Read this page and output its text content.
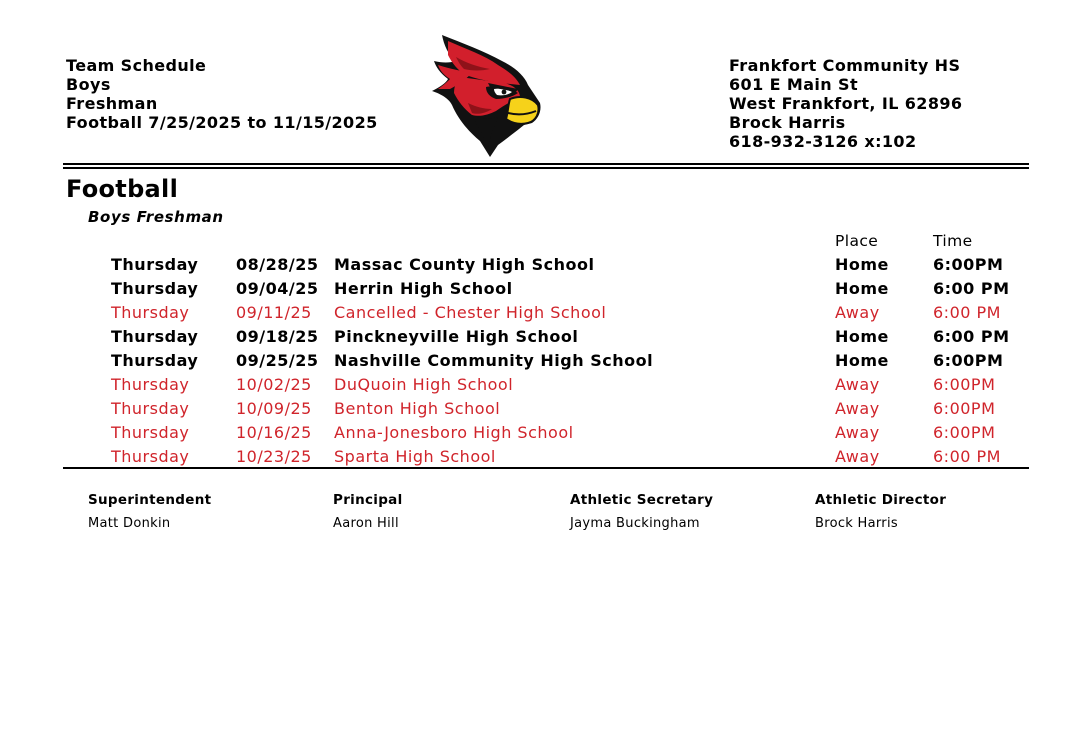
Team Schedule
Boys
Freshman
Football 7/25/2025 to 11/15/2025
Frankfort Community HS
601 E Main St
West Frankfort, IL 62896
Brock Harris
618-932-3126 x:102
Football
Boys Freshman
Place	Time
Thursday 08/28/25 Massac County High School	Home	6:00PM
Thursday 09/04/25 Herrin High School	Home	6:00 PM
Thursday	09/11/25 Cancelled - Chester High School	Away	6:00 PM
Thursday 09/18/25 Pinckneyville High School	Home	6:00 PM
Thursday 09/25/25 Nashville Community High School	Home	6:00PM
Thursday	10/02/25 DuQuoin High School	Away	6:00PM
Thursday	10/09/25 Benton High School	Away	6:00PM
Thursday	10/16/25 Anna-Jonesboro High School	Away	6:00PM
Thursday	10/23/25 Sparta High School	Away	6:00 PM
Superintendent
Matt Donkin
Principal
Aaron Hill
Athletic Secretary
Jayma Buckingham
Athletic Director
Brock Harris
